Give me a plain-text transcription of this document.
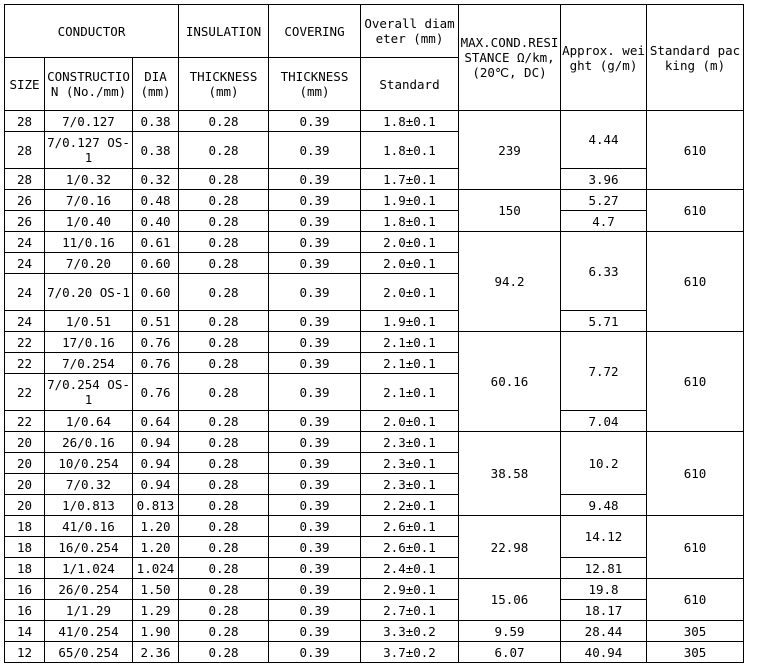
CONDUCTOR			INSULATION	COVERING	Overall diameter (mm)	MAX.COND.RESISTANCE Ω/km, (20℃, DC)	Approx. weight (g/m)	Standard packing (m)
SIZE	CONSTRUCTION (No./mm)	DIA (mm)	THICKNESS (mm)	THICKNESS (mm)	Standard			
28	7/0.127	0.38	0.28	0.39	1.8±0.1	239	4.44	610
28	7/0.127 OS-1	0.38	0.28	0.39	1.8±0.1			
28	1/0.32	0.32	0.28	0.39	1.7±0.1		3.96	
26	7/0.16	0.48	0.28	0.39	1.9±0.1	150	5.27	610
26	1/0.40	0.40	0.28	0.39	1.8±0.1		4.7	
24	11/0.16	0.61	0.28	0.39	2.0±0.1	94.2	6.33	610
24	7/0.20	0.60	0.28	0.39	2.0±0.1			
24	7/0.20 OS-1	0.60	0.28	0.39	2.0±0.1			
24	1/0.51	0.51	0.28	0.39	1.9±0.1		5.71	
22	17/0.16	0.76	0.28	0.39	2.1±0.1	60.16	7.72	610
22	7/0.254	0.76	0.28	0.39	2.1±0.1			
22	7/0.254 OS-1	0.76	0.28	0.39	2.1±0.1			
22	1/0.64	0.64	0.28	0.39	2.0±0.1		7.04	
20	26/0.16	0.94	0.28	0.39	2.3±0.1	38.58	10.2	610
20	10/0.254	0.94	0.28	0.39	2.3±0.1			
20	7/0.32	0.94	0.28	0.39	2.3±0.1			
20	1/0.813	0.813	0.28	0.39	2.2±0.1		9.48	
18	41/0.16	1.20	0.28	0.39	2.6±0.1	22.98	14.12	610
18	16/0.254	1.20	0.28	0.39	2.6±0.1			
18	1/1.024	1.024	0.28	0.39	2.4±0.1		12.81	
16	26/0.254	1.50	0.28	0.39	2.9±0.1	15.06	19.8	610
16	1/1.29	1.29	0.28	0.39	2.7±0.1		18.17	
14	41/0.254	1.90	0.28	0.39	3.3±0.2	9.59	28.44	305
12	65/0.254	2.36	0.28	0.39	3.7±0.2	6.07	40.94	305
